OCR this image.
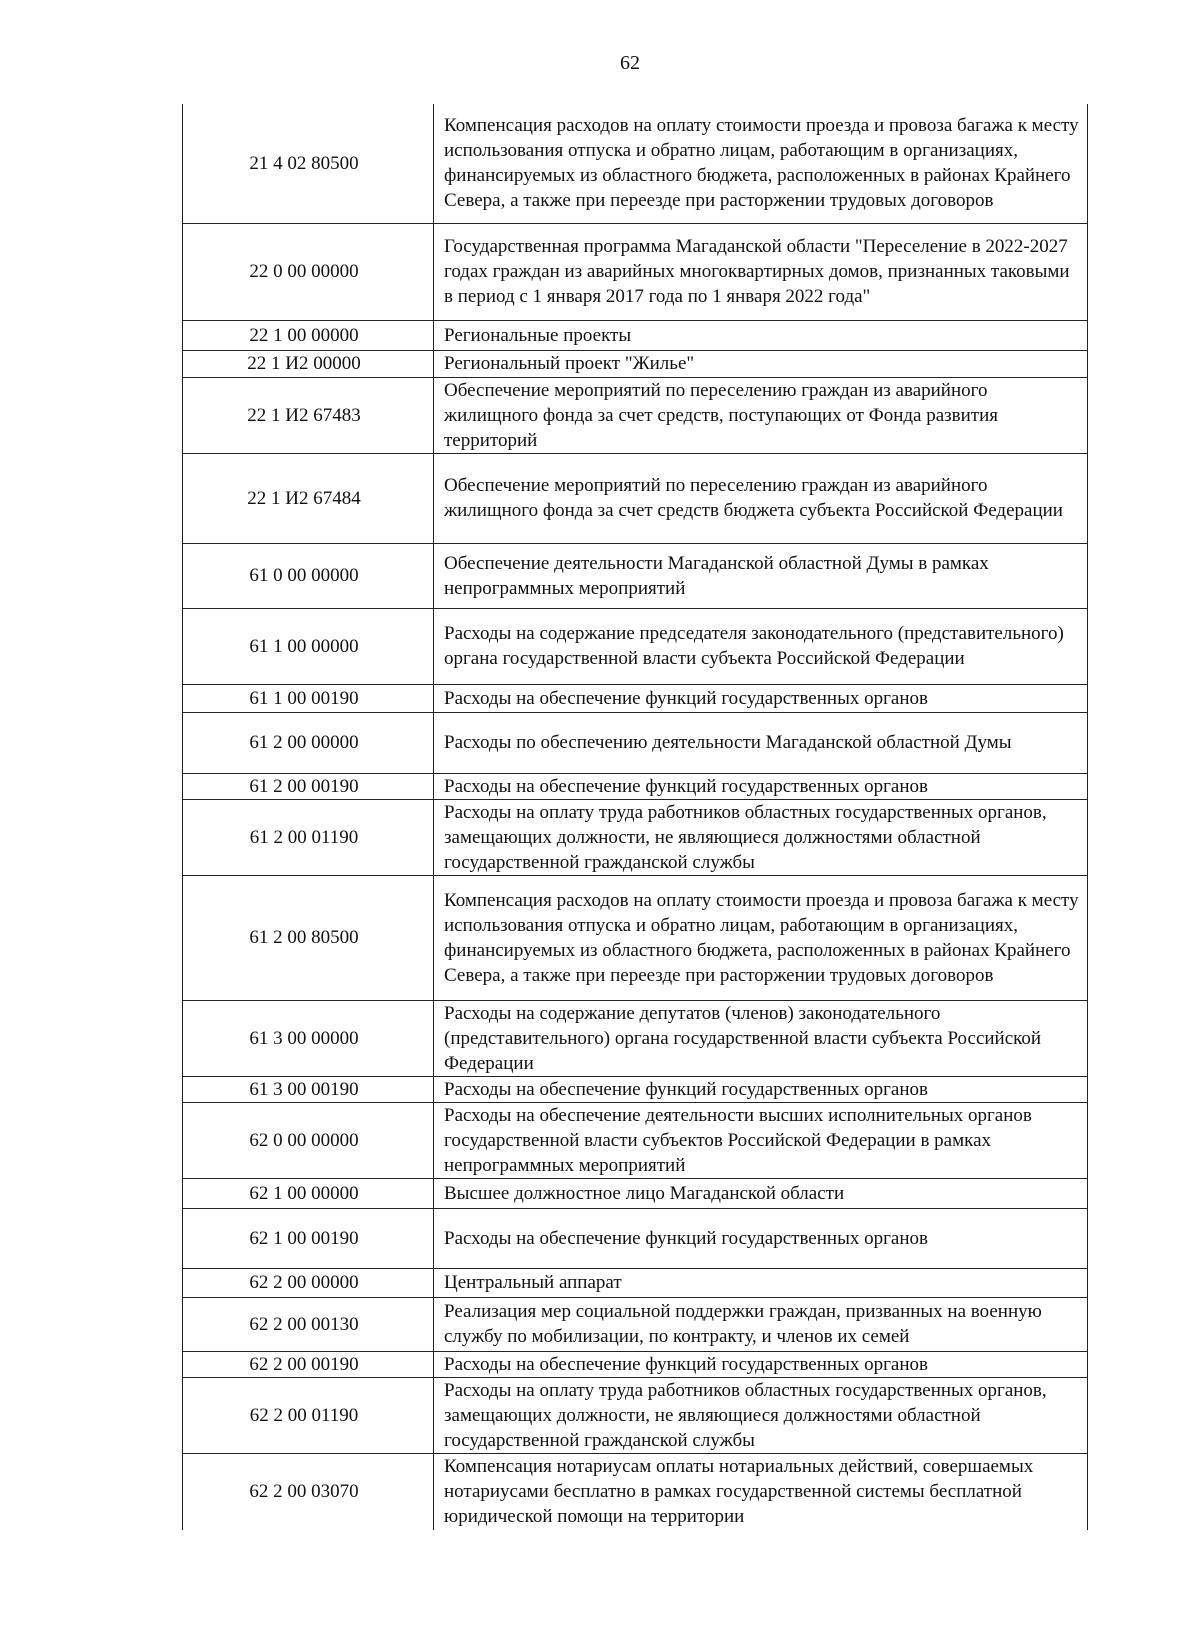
62
21 4 02 80500	Компенсация расходов на оплату стоимости проезда и провоза багажа к месту использования отпуска и обратно лицам, работающим в организациях, финансируемых из областного бюджета, расположенных в районах Крайнего Севера, а также при переезде при расторжении трудовых договоров
22 0 00 00000	Государственная программа Магаданской области "Переселение в 2022-2027 годах граждан из аварийных многоквартирных домов, признанных таковыми в период с 1 января 2017 года по 1 января 2022 года"
22 1 00 00000	Региональные проекты
22 1 И2 00000	Региональный проект "Жилье"
22 1 И2 67483	Обеспечение мероприятий по переселению граждан из аварийного жилищного фонда за счет средств, поступающих от Фонда развития территорий
22 1 И2 67484	Обеспечение мероприятий по переселению граждан из аварийного жилищного фонда за счет средств бюджета субъекта Российской Федерации
61 0 00 00000	Обеспечение деятельности Магаданской областной Думы в рамках непрограммных мероприятий
61 1 00 00000	Расходы на содержание председателя законодательного (представительного) органа государственной власти субъекта Российской Федерации
61 1 00 00190	Расходы на обеспечение функций государственных органов
61 2 00 00000	Расходы по обеспечению деятельности Магаданской областной Думы
61 2 00 00190	Расходы на обеспечение функций государственных органов
61 2 00 01190	Расходы на оплату труда работников областных государственных органов, замещающих должности, не являющиеся должностями областной государственной гражданской службы
61 2 00 80500	Компенсация расходов на оплату стоимости проезда и провоза багажа к месту использования отпуска и обратно лицам, работающим в организациях, финансируемых из областного бюджета, расположенных в районах Крайнего Севера, а также при переезде при расторжении трудовых договоров
61 3 00 00000	Расходы на содержание депутатов (членов) законодательного (представительного) органа государственной власти субъекта Российской Федерации
61 3 00 00190	Расходы на обеспечение функций государственных органов
62 0 00 00000	Расходы на обеспечение деятельности высших исполнительных органов государственной власти субъектов Российской Федерации в рамках непрограммных мероприятий
62 1 00 00000	Высшее должностное лицо Магаданской области
62 1 00 00190	Расходы на обеспечение функций государственных органов
62 2 00 00000	Центральный аппарат
62 2 00 00130	Реализация мер социальной поддержки граждан, призванных на военную службу по мобилизации, по контракту, и членов их семей
62 2 00 00190	Расходы на обеспечение функций государственных органов
62 2 00 01190	Расходы на оплату труда работников областных государственных органов, замещающих должности, не являющиеся должностями областной государственной гражданской службы
62 2 00 03070	Компенсация нотариусам оплаты нотариальных действий, совершаемых нотариусами бесплатно в рамках государственной системы бесплатной юридической помощи на территории
